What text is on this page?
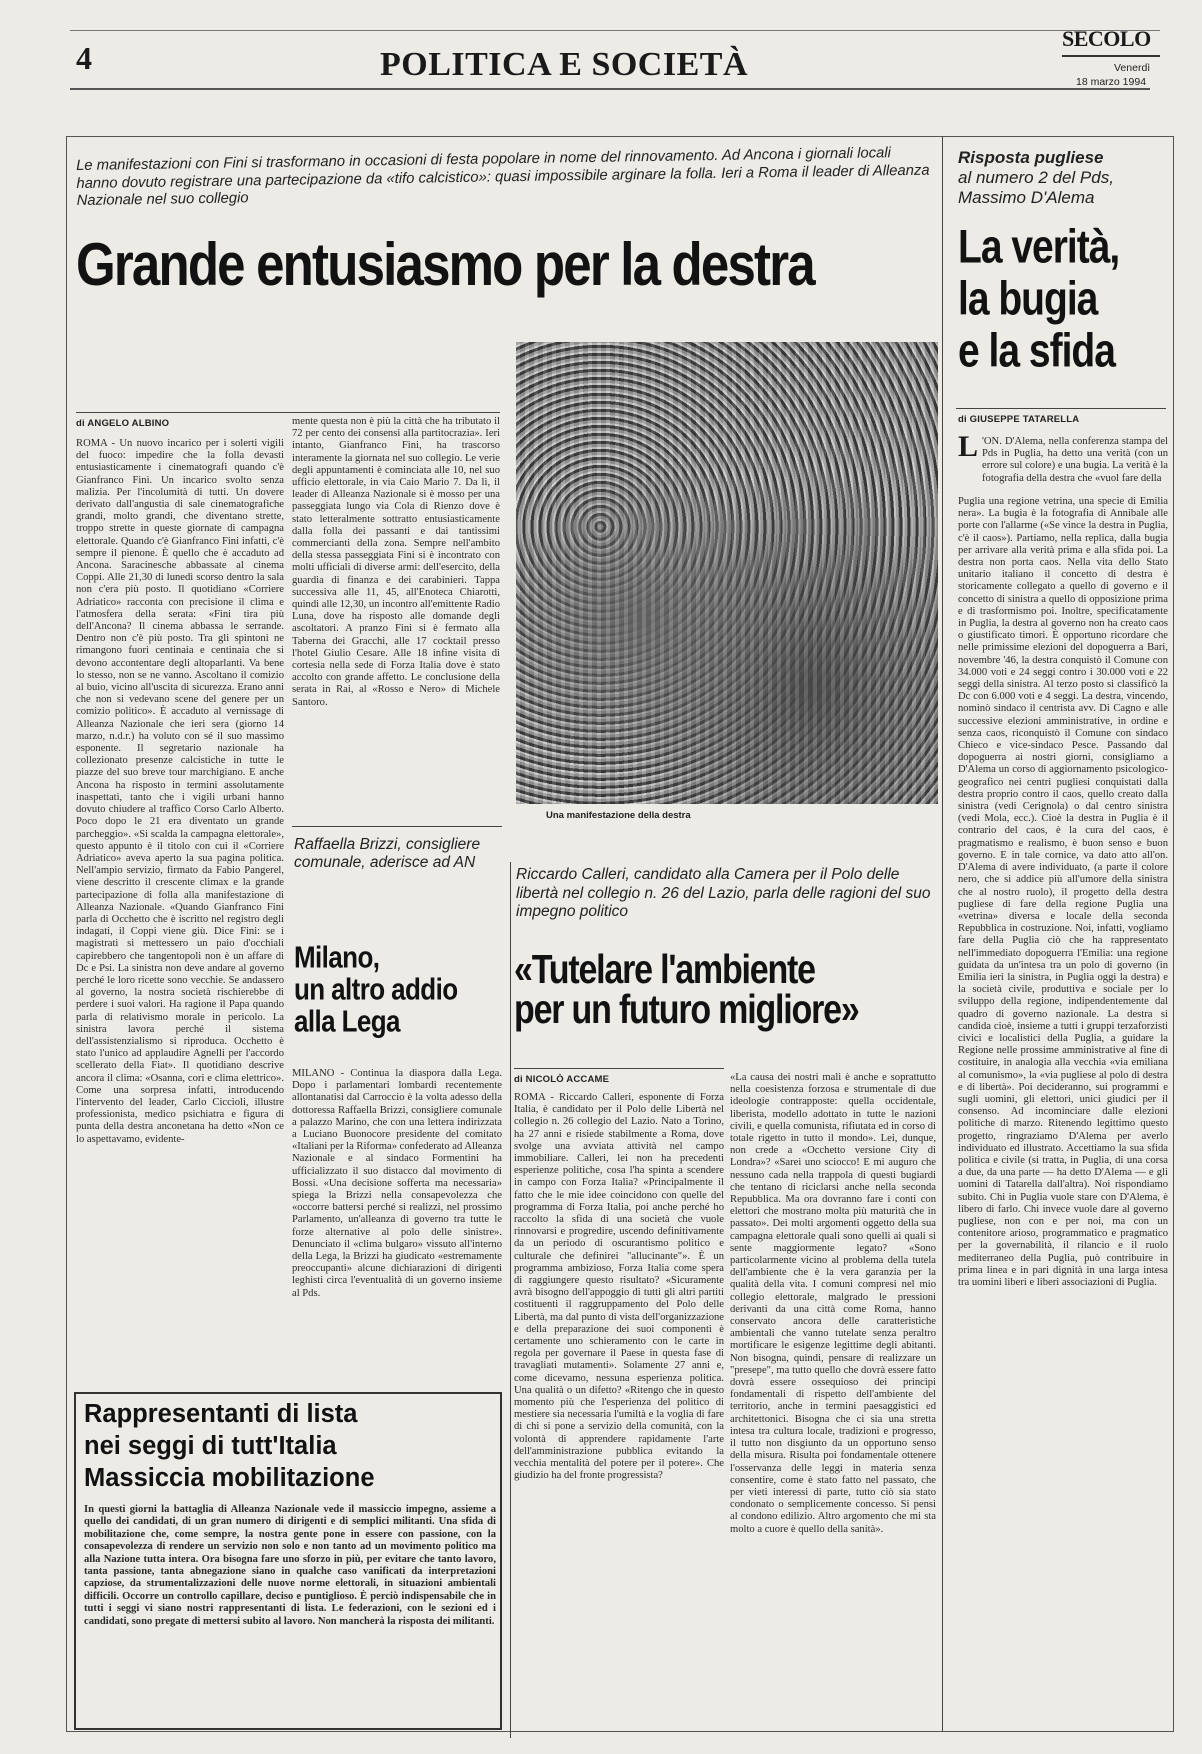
4	POLITICA E SOCIETÀ
SECOLO
Venerdì
18 marzo 1994
Le manifestazioni con Fini si trasformano in occasioni di festa popolare in nome del rinnovamento. Ad Ancona i giornali locali hanno dovuto registrare una partecipazione da «tifo calcistico»: quasi impossibile arginare la folla. Ieri a Roma il leader di Alleanza Nazionale nel suo collegio
Grande entusiasmo per la destra
di ANGELO ALBINO
ROMA - Un nuovo incarico per i solerti vigili del fuoco: impedire che la folla devasti entusiasticamente i cinematografi quando c'è Gianfranco Fini. Un incarico svolto senza malizia. Per l'incolumità di tutti. Un dovere derivato dall'angustia di sale cinematografiche grandi, molto grandi, che diventano strette, troppo strette in queste giornate di campagna elettorale. Quando c'è Gianfranco Fini infatti, c'è sempre il pienone. È quello che è accaduto ad Ancona. Saracinesche abbassate al cinema Coppi. Alle 21,30 di lunedì scorso dentro la sala non c'era più posto. Il quotidiano «Corriere Adriatico» racconta con precisione il clima e l'atmosfera della serata: «Fini tira più dell'Ancona? Il cinema abbassa le serrande. Dentro non c'è più posto. Tra gli spintoni ne rimangono fuori centinaia e centinaia che si devono accontentare degli altoparlanti. Va bene lo stesso, non se ne vanno. Ascoltano il comizio al buio, vicino all'uscita di sicurezza. Erano anni che non si vedevano scene del genere per un comizio politico». È accaduto al vernissage di Alleanza Nazionale che ieri sera (giorno 14 marzo, n.d.r.) ha voluto con sé il suo massimo esponente. Il segretario nazionale ha collezionato presenze calcistiche in tutte le piazze del suo breve tour marchigiano. E anche Ancona ha risposto in termini assolutamente inaspettati, tanto che i vigili urbani hanno dovuto chiudere al traffico Corso Carlo Alberto. Poco dopo le 21 era diventato un grande parcheggio». «Si scalda la campagna elettorale», questo appunto è il titolo con cui il «Corriere Adriatico» aveva aperto la sua pagina politica. Nell'ampio servizio, firmato da Fabio Pangerel, viene descritto il crescente climax e la grande partecipazione di folla alla manifestazione di Alleanza Nazionale. «Quando Gianfranco Fini parla di Occhetto che è iscritto nel registro degli indagati, il Coppi viene giù. Dice Fini: se i magistrati si mettessero un paio d'occhiali capirebbero che tangentopoli non è un affare di Dc e Psi. La sinistra non deve andare al governo perché le loro ricette sono vecchie. Se andassero al governo, la nostra società rischierebbe di perdere i suoi valori. Ha ragione il Papa quando parla di relativismo morale in pericolo. La sinistra lavora perché il sistema dell'assistenzialismo si riproduca. Occhetto è stato l'unico ad applaudire Agnelli per l'accordo scellerato della Fiat». Il quotidiano descrive ancora il clima: «Osanna, cori e clima elettrico». Come una sorpresa infatti, introducendo l'intervento del leader, Carlo Ciccioli, illustre professionista, medico psichiatra e figura di punta della destra anconetana ha detto «Non ce lo aspettavamo, evidente-
mente questa non è più la città che ha tributato il 72 per cento dei consensi alla partitocrazia». Ieri intanto, Gianfranco Fini, ha trascorso interamente la giornata nel suo collegio. Le verie degli appuntamenti è cominciata alle 10, nel suo ufficio elettorale, in via Caio Mario 7. Da lì, il leader di Alleanza Nazionale si è mosso per una passeggiata lungo via Cola di Rienzo dove è stato letteralmente sottratto entusiasticamente dalla folla dei passanti e dai tantissimi commercianti della zona. Sempre nell'ambito della stessa passeggiata Fini si è incontrato con molti ufficiali di diverse armi: dell'esercito, della guardia di finanza e dei carabinieri. Tappa successiva alle 11, 45, all'Enoteca Chiarotti, quindi alle 12,30, un incontro all'emittente Radio Luna, dove ha risposto alle domande degli ascoltatori. A pranzo Fini si è fermato alla Taberna dei Gracchi, alle 17 cocktail presso l'hotel Giulio Cesare. Alle 18 infine visita di cortesia nella sede di Forza Italia dove è stato accolto con grande affetto. Le conclusione della serata in Rai, al «Rosso e Nero» di Michele Santoro.
Una manifestazione della destra
Risposta pugliese
al numero 2 del Pds,
Massimo D'Alema
La verità,
la bugia
e la sfida
di GIUSEPPE TATARELLA
L 'ON. D'Alema, nella conferenza stampa del Pds in Puglia, ha detto una verità (con un errore sul colore) e una bugia. La verità è la fotografia della destra che «vuol fare della
Puglia una regione vetrina, una specie di Emilia nera». La bugia è la fotografia di Annibale alle porte con l'allarme («Se vince la destra in Puglia, c'è il caos»). Partiamo, nella replica, dalla bugia per arrivare alla verità prima e alla sfida poi. La destra non porta caos. Nella vita dello Stato unitario italiano il concetto di destra è storicamente collegato a quello di governo e il concetto di sinistra a quello di opposizione prima e di trasformismo poi. Inoltre, specificatamente in Puglia, la destra al governo non ha creato caos o giustificato timori. È opportuno ricordare che nelle primissime elezioni del dopoguerra a Bari, novembre '46, la destra conquistò il Comune con 34.000 voti e 24 seggi contro i 30.000 voti e 22 seggi della sinistra. Al terzo posto si classificò la Dc con 6.000 voti e 4 seggi. La destra, vincendo, nominò sindaco il centrista avv. Di Cagno e alle successive elezioni amministrative, in ordine e senza caos, riconquistò il Comune con sindaco Chieco e vice-sindaco Pesce. Passando dal dopoguerra ai nostri giorni, consigliamo a D'Alema un corso di aggiornamento psicologico-geografico nei centri pugliesi conquistati dalla destra proprio contro il caos, quello creato dalla sinistra (vedi Cerignola) o dal centro sinistra (vedi Mola, ecc.). Cioè la destra in Puglia è il contrario del caos, è la cura del caos, è pragmatismo e realismo, è buon senso e buon governo. E in tale cornice, va dato atto all'on. D'Alema di avere individuato, (a parte il colore nero, che si addice più all'umore della sinistra che al nostro ruolo), il progetto della destra pugliese di fare della regione Puglia una «vetrina» diversa e locale della seconda Repubblica in costruzione. Noi, infatti, vogliamo fare della Puglia ciò che ha rappresentato nell'immediato dopoguerra l'Emilia: una regione guidata da un'intesa tra un polo di governo (in Emilia ieri la sinistra, in Puglia oggi la destra) e la società civile, produttiva e sociale per lo sviluppo della regione, indipendentemente dal quadro di governo nazionale. La destra si candida cioè, insieme a tutti i gruppi terzaforzisti civici e localistici della Puglia, a guidare la Regione nelle prossime amministrative al fine di costituire, in analogia alla vecchia «via emiliana al comunismo», la «via pugliese al polo di destra e di libertà». Poi decideranno, sui programmi e sugli uomini, gli elettori, unici giudici per il consenso. Ad incominciare dalle elezioni politiche di marzo. Ritenendo legittimo questo progetto, ringraziamo D'Alema per averlo individuato ed illustrato. Accettiamo la sua sfida politica e civile (si tratta, in Puglia, di una corsa a due, da una parte — ha detto D'Alema — e gli uomini di Tatarella dall'altra). Noi rispondiamo subito. Chi in Puglia vuole stare con D'Alema, è libero di farlo. Chi invece vuole dare al governo pugliese, non con e per noi, ma con un contenitore arioso, programmatico e pragmatico per la governabilità, il rilancio e il ruolo mediterraneo della Puglia, può contribuire in prima linea e in pari dignità in una larga intesa tra uomini liberi e liberi associazioni di Puglia.
Raffaella Brizzi, consigliere comunale, aderisce ad AN
Milano,
un altro addio
alla Lega
MILANO - Continua la diaspora dalla Lega. Dopo i parlamentari lombardi recentemente allontanatisi dal Carroccio è la volta adesso della dottoressa Raffaella Brizzi, consigliere comunale a palazzo Marino, che con una lettera indirizzata a Luciano Buonocore presidente del comitato «Italiani per la Riforma» confederato ad Alleanza Nazionale e al sindaco Formentini ha ufficializzato il suo distacco dal movimento di Bossi. «Una decisione sofferta ma necessaria» spiega la Brizzi nella consapevolezza che «occorre battersi perché si realizzi, nel prossimo Parlamento, un'alleanza di governo tra tutte le forze alternative al polo delle sinistre». Denunciato il «clima bulgaro» vissuto all'interno della Lega, la Brizzi ha giudicato «estremamente preoccupanti» alcune dichiarazioni di dirigenti leghisti circa l'eventualità di un governo insieme al Pds.
Riccardo Calleri, candidato alla Camera per il Polo delle libertà nel collegio n. 26 del Lazio, parla delle ragioni del suo impegno politico
«Tutelare l'ambiente
per un futuro migliore»
di NICOLÒ ACCAME
ROMA - Riccardo Calleri, esponente di Forza Italia, è candidato per il Polo delle Libertà nel collegio n. 26 collegio del Lazio. Nato a Torino, ha 27 anni e risiede stabilmente a Roma, dove svolge una avviata attività nel campo immobiliare. Calleri, lei non ha precedenti esperienze politiche, cosa l'ha spinta a scendere in campo con Forza Italia? «Principalmente il fatto che le mie idee coincidono con quelle del programma di Forza Italia, poi anche perché ho raccolto la sfida di una società che vuole rinnovarsi e progredire, uscendo definitivamente da un periodo di oscurantismo politico e culturale che definirei "allucinante"». È un programma ambizioso, Forza Italia come spera di raggiungere questo risultato? «Sicuramente avrà bisogno dell'appoggio di tutti gli altri partiti costituenti il raggruppamento del Polo delle Libertà, ma dal punto di vista dell'organizzazione e della preparazione dei suoi componenti è certamente uno schieramento con le carte in regola per governare il Paese in questa fase di travagliati mutamenti». Solamente 27 anni e, come dicevamo, nessuna esperienza politica. Una qualità o un difetto? «Ritengo che in questo momento più che l'esperienza del politico di mestiere sia necessaria l'umiltà e la voglia di fare di chi si pone a servizio della comunità, con la volontà di apprendere rapidamente l'arte dell'amministrazione pubblica evitando la vecchia mentalità del potere per il potere». Che giudizio ha del fronte progressista?
«La causa dei nostri mali è anche e soprattutto nella coesistenza forzosa e strumentale di due ideologie contrapposte: quella occidentale, liberista, modello adottato in tutte le nazioni civili, e quella comunista, rifiutata ed in corso di totale rigetto in tutto il mondo». Lei, dunque, non crede a «Occhetto versione City di Londra»? «Sarei uno sciocco! E mi auguro che nessuno cada nella trappola di questi bugiardi che tentano di riciclarsi anche nella seconda Repubblica. Ma ora dovranno fare i conti con elettori che mostrano molta più maturità che in passato». Dei molti argomenti oggetto della sua campagna elettorale quali sono quelli ai quali si sente maggiormente legato? «Sono particolarmente vicino al problema della tutela dell'ambiente che è la vera garanzia per la qualità della vita. I comuni compresi nel mio collegio elettorale, malgrado le pressioni derivanti da una città come Roma, hanno conservato ancora delle caratteristiche ambientali che vanno tutelate senza peraltro mortificare le esigenze legittime degli abitanti. Non bisogna, quindi, pensare di realizzare un "presepe", ma tutto quello che dovrà essere fatto dovrà essere ossequioso dei principi fondamentali di rispetto dell'ambiente del territorio, anche in termini paesaggistici ed architettonici. Bisogna che ci sia una stretta intesa tra cultura locale, tradizioni e progresso, il tutto non disgiunto da un opportuno senso della misura. Risulta poi fondamentale ottenere l'osservanza delle leggi in materia senza consentire, come è stato fatto nel passato, che per vieti interessi di parte, tutto ciò sia stato condonato o semplicemente concesso. Si pensi al condono edilizio. Altro argomento che mi sta molto a cuore è quello della sanità».
Rappresentanti di lista
nei seggi di tutt'Italia
Massiccia mobilitazione
In questi giorni la battaglia di Alleanza Nazionale vede il massiccio impegno, assieme a quello dei candidati, di un gran numero di dirigenti e di semplici militanti. Una sfida di mobilitazione che, come sempre, la nostra gente pone in essere con passione, con la consapevolezza di rendere un servizio non solo e non tanto ad un movimento politico ma alla Nazione tutta intera. Ora bisogna fare uno sforzo in più, per evitare che tanto lavoro, tanta passione, tanta abnegazione siano in qualche caso vanificati da interpretazioni capziose, da strumentalizzazioni delle nuove norme elettorali, in situazioni ambientali difficili. Occorre un controllo capillare, deciso e puntiglioso. È perciò indispensabile che in tutti i seggi vi siano nostri rappresentanti di lista. Le federazioni, con le sezioni ed i candidati, sono pregate di mettersi subito al lavoro. Non mancherà la risposta dei militanti.
